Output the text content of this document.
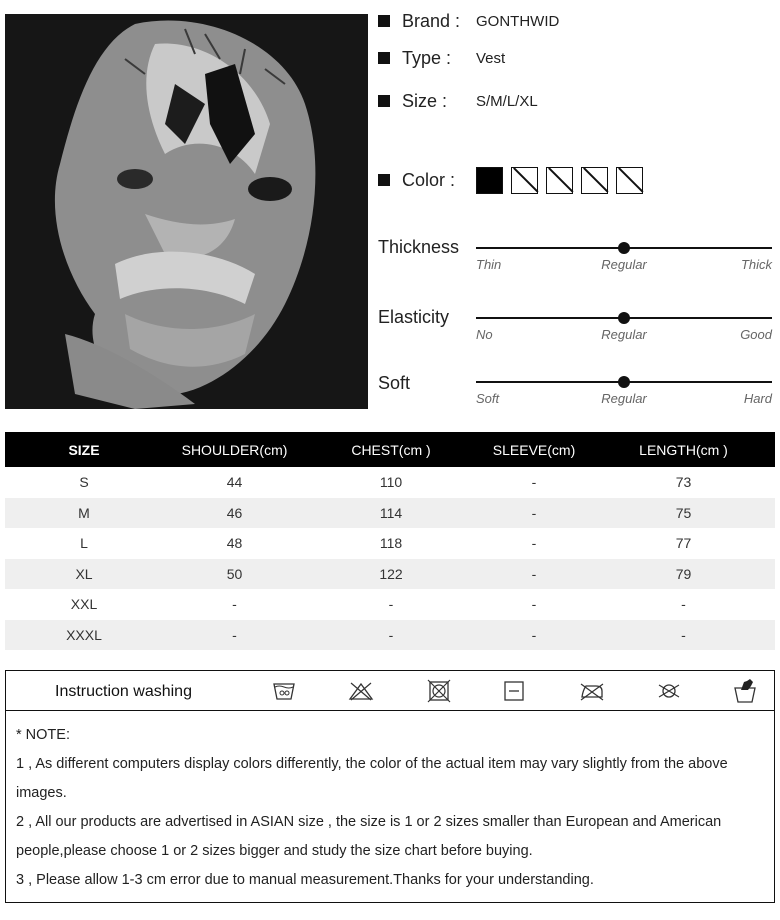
Brand :	GONTHWID
Type :	Vest
Size :	S/M/L/XL
Color :
Thickness
Thin	Regular	Thick
Elasticity
No	Regular	Good
Soft
Soft	Regular	Hard
SIZE	SHOULDER(cm)	CHEST(cm )	SLEEVE(cm)	LENGTH(cm )
S	44	110	-	73
M	46	114	-	75
L	48	118	-	77
XL	50	122	-	79
XXL	-	-	-	-
XXXL	-	-	-	-
Instruction washing

* NOTE:

1 , As different computers display colors differently, the color of the actual item may vary slightly from the above images.

2 , All our products are advertised in ASIAN size , the size is 1 or 2 sizes smaller than European and American people,please choose 1 or 2 sizes bigger and study the size chart before buying.

3 , Please allow 1-3 cm error due to manual measurement.Thanks for your understanding.
